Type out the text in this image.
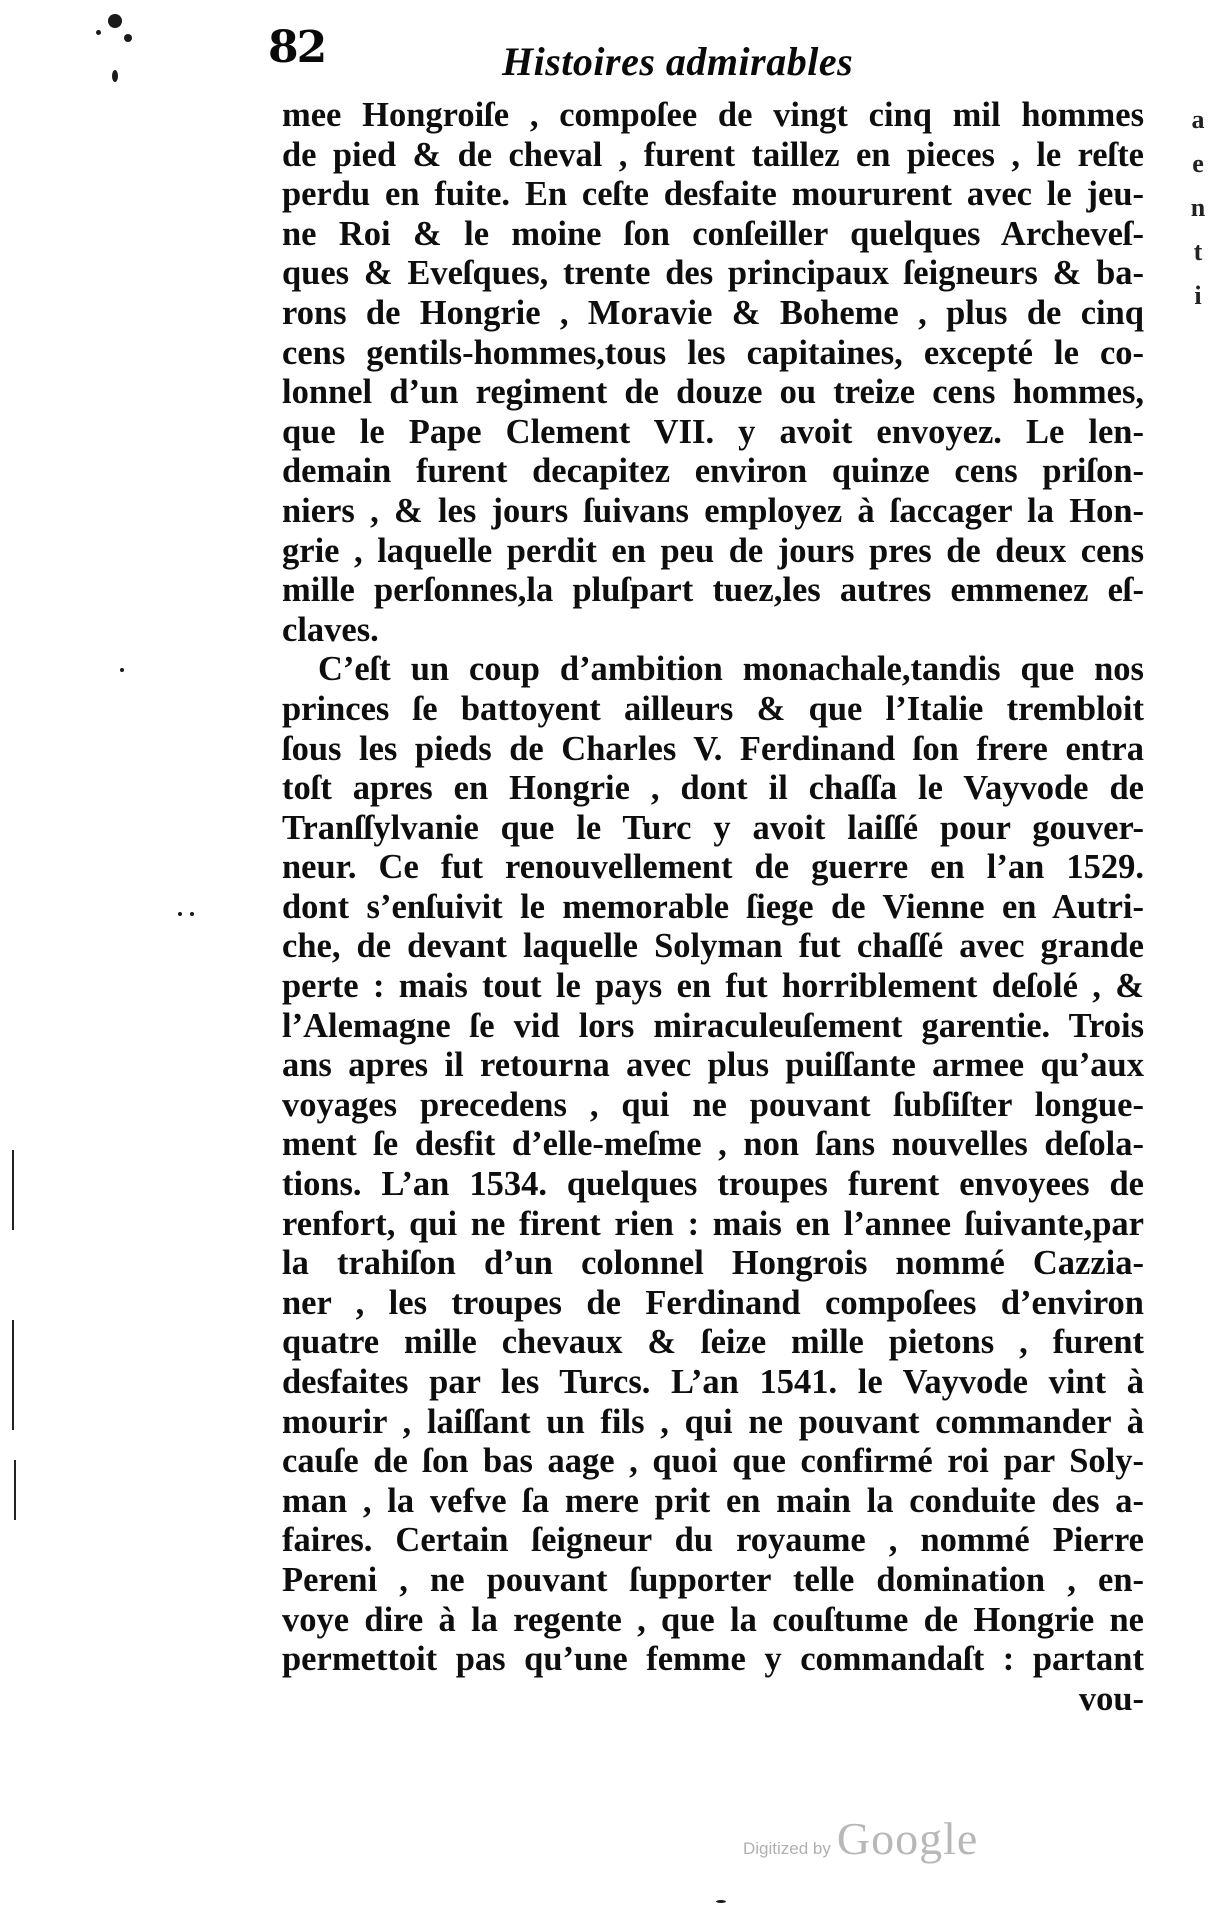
82	Histoires admirables
mee Hongroiſe , compoſee de vingt cinq mil hommes
de pied & de cheval , furent taillez en pieces , le reſte
perdu en fuite. En ceſte desfaite moururent avec le jeu-
ne Roi & le moine ſon conſeiller quelques Archeveſ-
ques & Eveſques, trente des principaux ſeigneurs & ba-
rons de Hongrie , Moravie & Boheme , plus de cinq
cens gentils-hommes,tous les capitaines, excepté le co-
lonnel d’un regiment de douze ou treize cens hommes,
que le Pape Clement VII. y avoit envoyez. Le len-
demain furent decapitez environ quinze cens priſon-
niers , & les jours ſuivans employez à ſaccager la Hon-
grie , laquelle perdit en peu de jours pres de deux cens
mille perſonnes,la pluſpart tuez,les autres emmenez eſ-
claves.
C’eſt un coup d’ambition monachale,tandis que nos
princes ſe battoyent ailleurs & que l’Italie trembloit
ſous les pieds de Charles V. Ferdinand ſon frere entra
toſt apres en Hongrie , dont il chaſſa le Vayvode de
Tranſſylvanie que le Turc y avoit laiſſé pour gouver-
neur. Ce fut renouvellement de guerre en l’an 1529.
dont s’enſuivit le memorable ſiege de Vienne en Autri-
che, de devant laquelle Solyman fut chaſſé avec grande
perte : mais tout le pays en fut horriblement deſolé , &
l’Alemagne ſe vid lors miraculeuſement garentie. Trois
ans apres il retourna avec plus puiſſante armee qu’aux
voyages precedens , qui ne pouvant ſubſiſter longue-
ment ſe desfit d’elle-meſme , non ſans nouvelles deſola-
tions. L’an 1534. quelques troupes furent envoyees de
renfort, qui ne firent rien : mais en l’annee ſuivante,par
la trahiſon d’un colonnel Hongrois nommé Cazzia-
ner , les troupes de Ferdinand compoſees d’environ
quatre mille chevaux & ſeize mille pietons , furent
desfaites par les Turcs. L’an 1541. le Vayvode vint à
mourir , laiſſant un fils , qui ne pouvant commander à
cauſe de ſon bas aage , quoi que confirmé roi par Soly-
man , la vefve ſa mere prit en main la conduite des a-
faires. Certain ſeigneur du royaume , nommé Pierre
Pereni , ne pouvant ſupporter telle domination , en-
voye dire à la regente , que la couſtume de Hongrie ne
permettoit pas qu’une femme y commandaſt : partant
vou-
a
e
n
t
i
Digitized by Google
